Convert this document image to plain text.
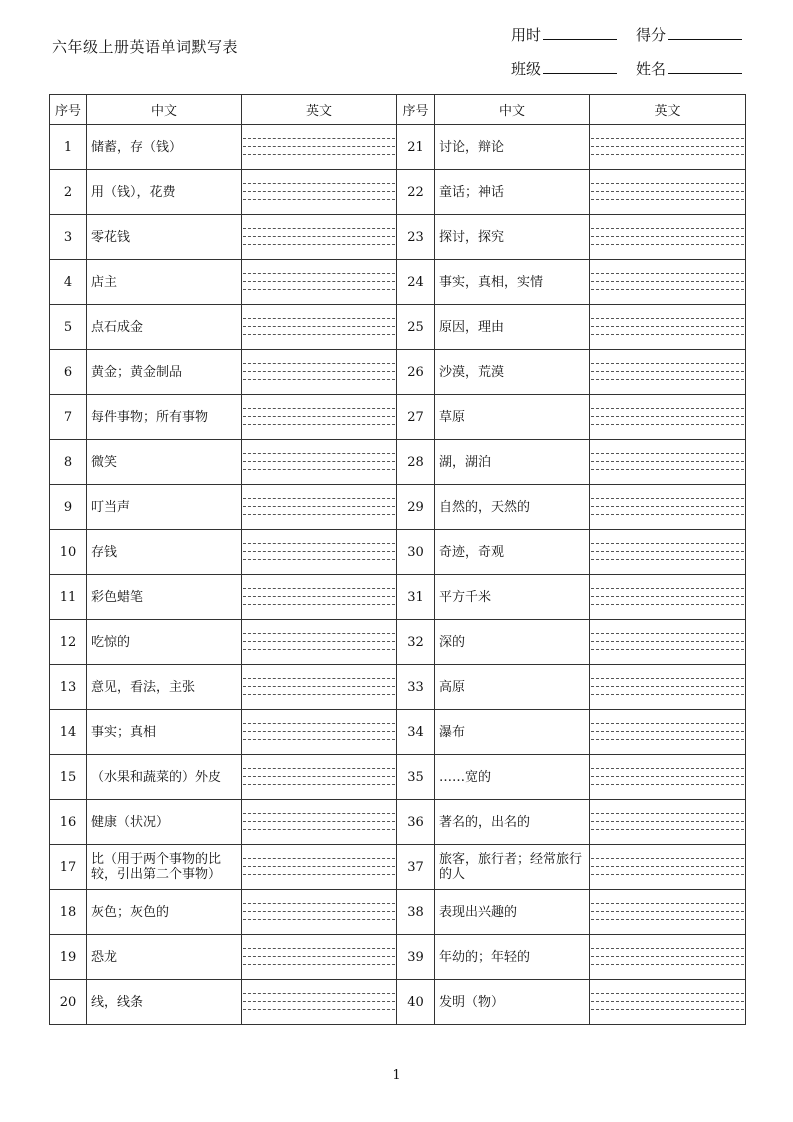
六年级上册英语单词默写表
用时	得分
班级	姓名
序号	中文	英文	序号	中文	英文
1	储蓄，存（钱）		21	讨论，辩论	

2	用（钱），花费		22	童话；神话	

3	零花钱		23	探讨，探究	

4	店主		24	事实，真相，实情	

5	点石成金		25	原因，理由	

6	黄金；黄金制品		26	沙漠，荒漠	

7	每件事物；所有事物		27	草原	

8	微笑		28	湖，湖泊	

9	叮当声		29	自然的，天然的	

10	存钱		30	奇迹，奇观	

11	彩色蜡笔		31	平方千米	

12	吃惊的		32	深的	

13	意见，看法，主张		33	高原	

14	事实；真相		34	瀑布	

15	（水果和蔬菜的）外皮		35	……宽的	

16	健康（状况）		36	著名的，出名的	

17	比（用于两个事物的比较，引出第二个事物）		37	旅客，旅行者；经常旅行的人	

18	灰色；灰色的		38	表现出兴趣的	

19	恐龙		39	年幼的；年轻的	

20	线，线条		40	发明（物）	
1
